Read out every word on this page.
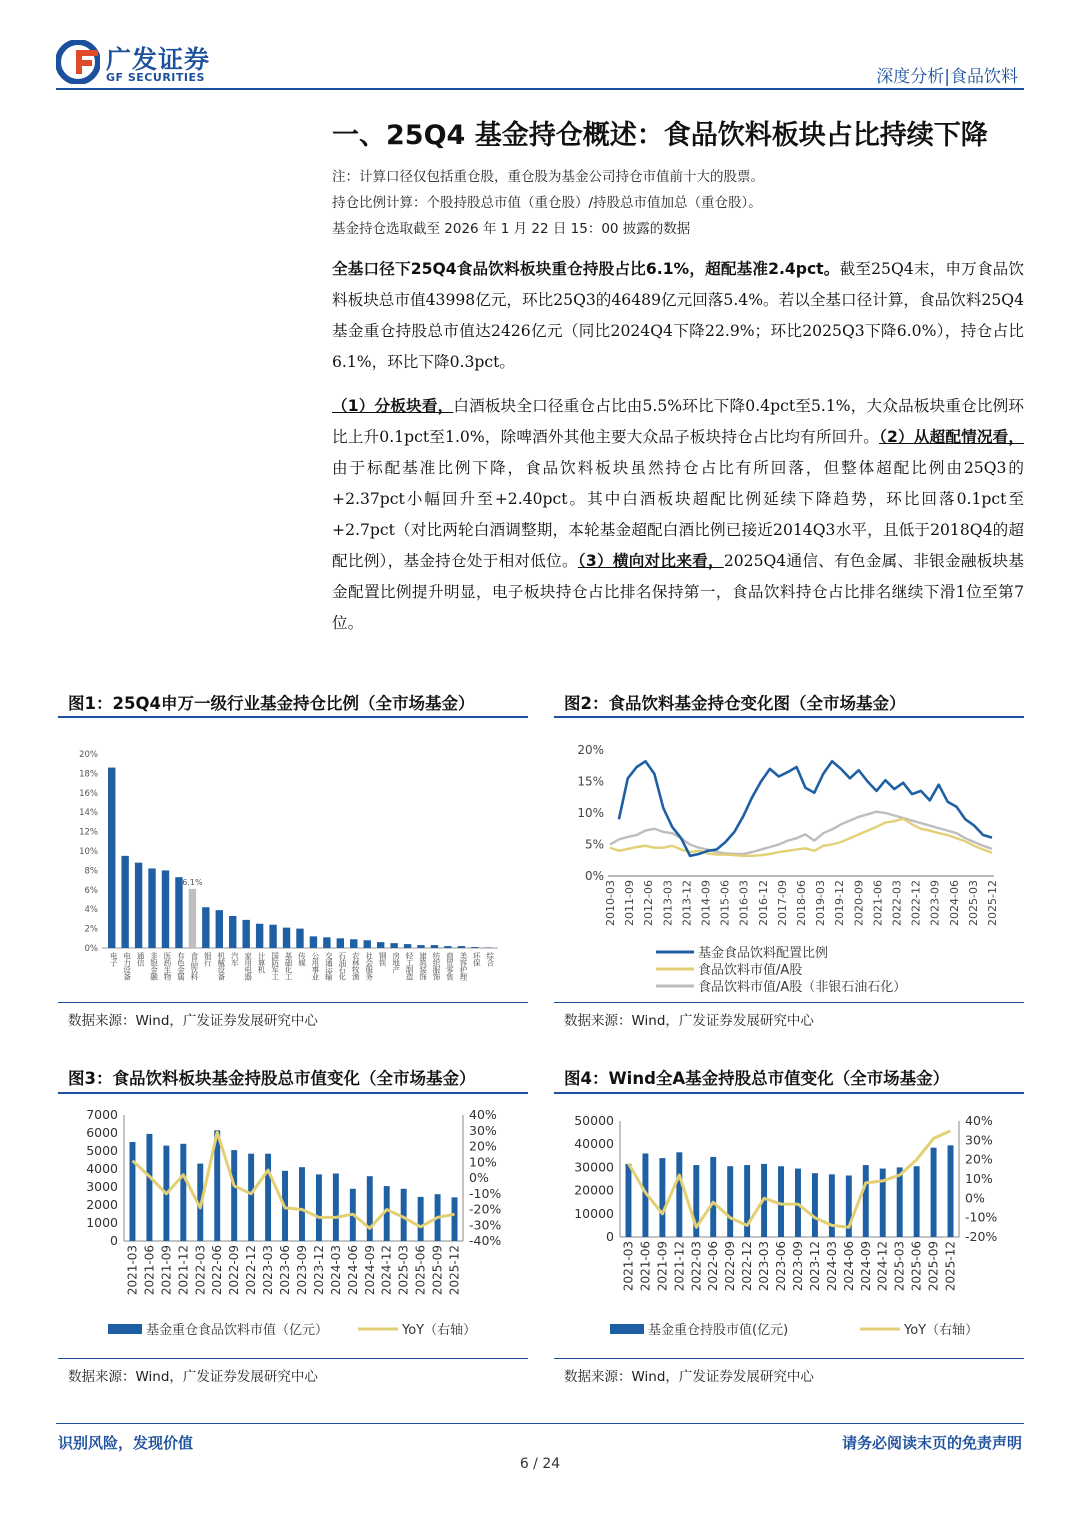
广发证券
GF SECURITIES	深度分析|食品饮料
一、25Q4 基金持仓概述：食品饮料板块占比持续下降
注：计算口径仅包括重仓股，重仓股为基金公司持仓市值前十大的股票。
持仓比例计算：个股持股总市值（重仓股）/持股总市值加总（重仓股）。
基金持仓选取截至 2026 年 1 月 22 日 15：00 披露的数据
全基口径下25Q4食品饮料板块重仓持股占比6.1%，超配基准2.4pct。截至25Q4末，申万食品饮料板块总市值43998亿元，环比25Q3的46489亿元回落5.4%。若以全基口径计算，食品饮料25Q4基金重仓持股总市值达2426亿元（同比2024Q4下降22.9%；环比2025Q3下降6.0%），持仓占比6.1%，环比下降0.3pct。
（1）分板块看，白酒板块全口径重仓占比由5.5%环比下降0.4pct至5.1%，大众品板块重仓比例环比上升0.1pct至1.0%，除啤酒外其他主要大众品子板块持仓占比均有所回升。（2）从超配情况看，由于标配基准比例下降，食品饮料板块虽然持仓占比有所回落，但整体超配比例由25Q3的+2.37pct小幅回升至+2.40pct。其中白酒板块超配比例延续下降趋势，环比回落0.1pct至+2.7pct（对比两轮白酒调整期，本轮基金超配白酒比例已接近2014Q3水平，且低于2018Q4的超配比例），基金持仓处于相对低位。（3）横向对比来看，2025Q4通信、有色金属、非银金融板块基金配置比例提升明显，电子板块持仓占比排名保持第一，食品饮料持仓占比排名继续下滑1位至第7位。
图1：25Q4申万一级行业基金持仓比例（全市场基金）
0%
2%
4%
6%
8%
10%
12%
14%
16%
18%
20%
电子 电力设备 通信 非银金融 医药生物 有色金属 食品饮料 银行 机械设备 汽车 家用电器 计算机 国防军工 基础化工 传媒 公用事业 交通运输 石油石化 农林牧渔 社会服务 钢铁 房地产 轻工制造 建筑装饰 纺织服饰 商贸零售 美容护理 环保 综合
6.1%
数据来源：Wind，广发证券发展研究中心
图2：食品饮料基金持仓变化图（全市场基金）
0%
5%
10%
15%
20%
2010-03 2011-09 2012-06 2013-03 2013-12 2014-09 2015-06 2016-03 2016-12 2017-09 2018-06 2019-03 2019-12 2020-09 2021-06 2022-03 2022-12 2023-09 2024-06 2025-03 2025-12
基金食品饮料配置比例
食品饮料市值/A股
食品饮料市值/A股（非银石油石化）
数据来源：Wind，广发证券发展研究中心
图3：食品饮料板块基金持股总市值变化（全市场基金）
0
1000
2000
3000
4000
5000
6000
7000
-40%
-30%
-20%
-10%
0%
10%
20%
30%
40%
2021-03 2021-06 2021-09 2021-12 2022-03 2022-06 2022-09 2022-12 2023-03 2023-06 2023-09 2023-12 2024-03 2024-06 2024-09 2024-12 2025-03 2025-06 2025-09 2025-12
基金重仓食品饮料市值（亿元）	YoY（右轴）
数据来源：Wind，广发证券发展研究中心
图4：Wind全A基金持股总市值变化（全市场基金）
0
10000
20000
30000
40000
50000
-20%
-10%
0%
10%
20%
30%
40%
2021-03 2021-06 2021-09 2021-12 2022-03 2022-06 2022-09 2022-12 2023-03 2023-06 2023-09 2023-12 2024-03 2024-06 2024-09 2024-12 2025-03 2025-06 2025-09 2025-12
基金重仓持股市值(亿元)	YoY（右轴）
数据来源：Wind，广发证券发展研究中心
识别风险，发现价值	请务必阅读末页的免责声明
6 / 24
